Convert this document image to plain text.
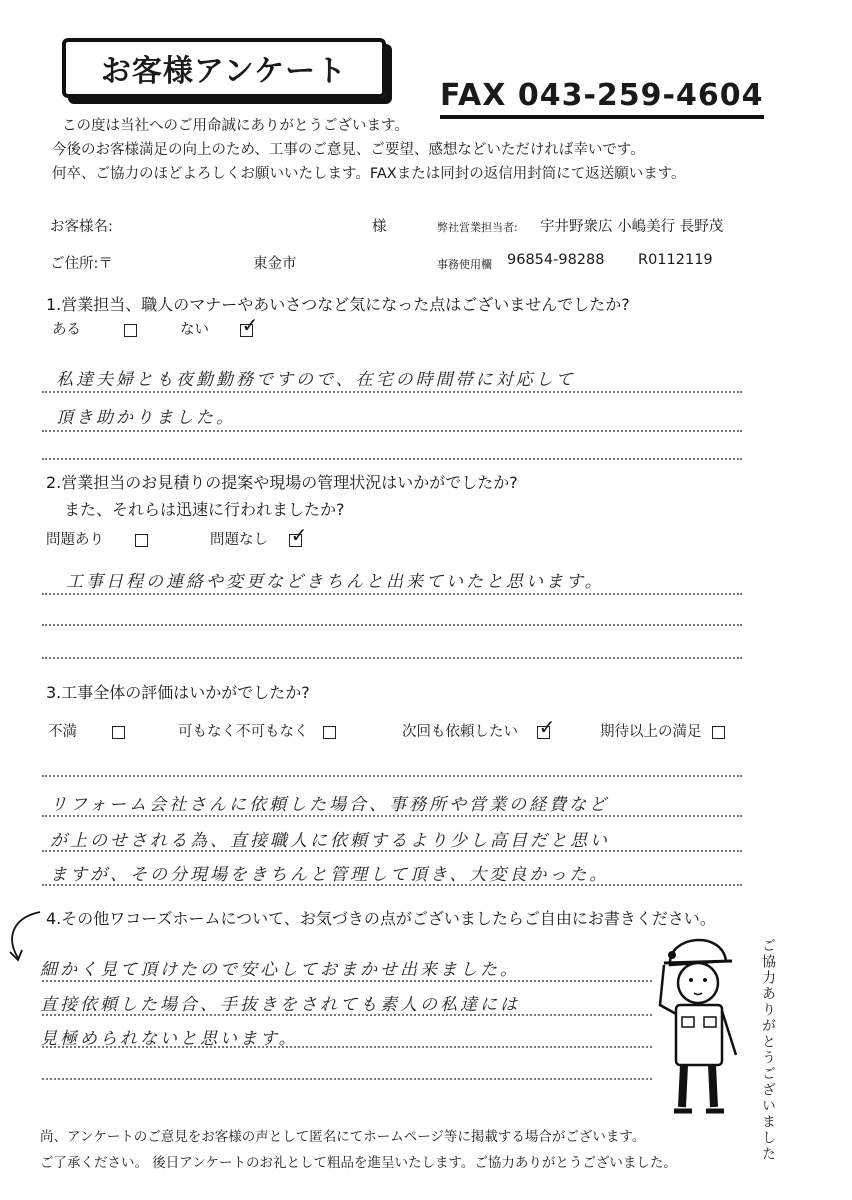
お客様アンケート
FAX 043-259-4604
この度は当社へのご用命誠にありがとうございます。
今後のお客様満足の向上のため、工事のご意見、ご要望、感想などいただければ幸いです。
何卒、ご協力のほどよろしくお願いいたします。FAXまたは同封の返信用封筒にて返送願います。
お客様名:	様	弊社営業担当者: 宇井野衆広 小嶋美行 長野茂
ご住所:〒	東金市	事務使用欄 96854-98288 R0112119
1.営業担当、職人のマナーやあいさつなど気になった点はございませんでしたか?
ある	ない ✓
私達夫婦とも夜勤勤務ですので、在宅の時間帯に対応して
頂き助かりました。
2.営業担当のお見積りの提案や現場の管理状況はいかがでしたか?
また、それらは迅速に行われましたか?
問題あり	問題なし ✓
工事日程の連絡や変更などきちんと出来ていたと思います。
3.工事全体の評価はいかがでしたか?
不満	可もなく不可もなく	次回も依頼したい ✓	期待以上の満足
リフォーム会社さんに依頼した場合、事務所や営業の経費など
が上のせされる為、直接職人に依頼するより少し高目だと思い
ますが、その分現場をきちんと管理して頂き、大変良かった。
4.その他ワコーズホームについて、お気づきの点がございましたらご自由にお書きください。
細かく見て頂けたので安心しておまかせ出来ました。
直接依頼した場合、手抜きをされても素人の私達には
見極められないと思います。	ご協力ありがとうございました
尚、アンケートのご意見をお客様の声として匿名にてホームページ等に掲載する場合がございます。
ご了承ください。 後日アンケートのお礼として粗品を進呈いたします。ご協力ありがとうございました。
